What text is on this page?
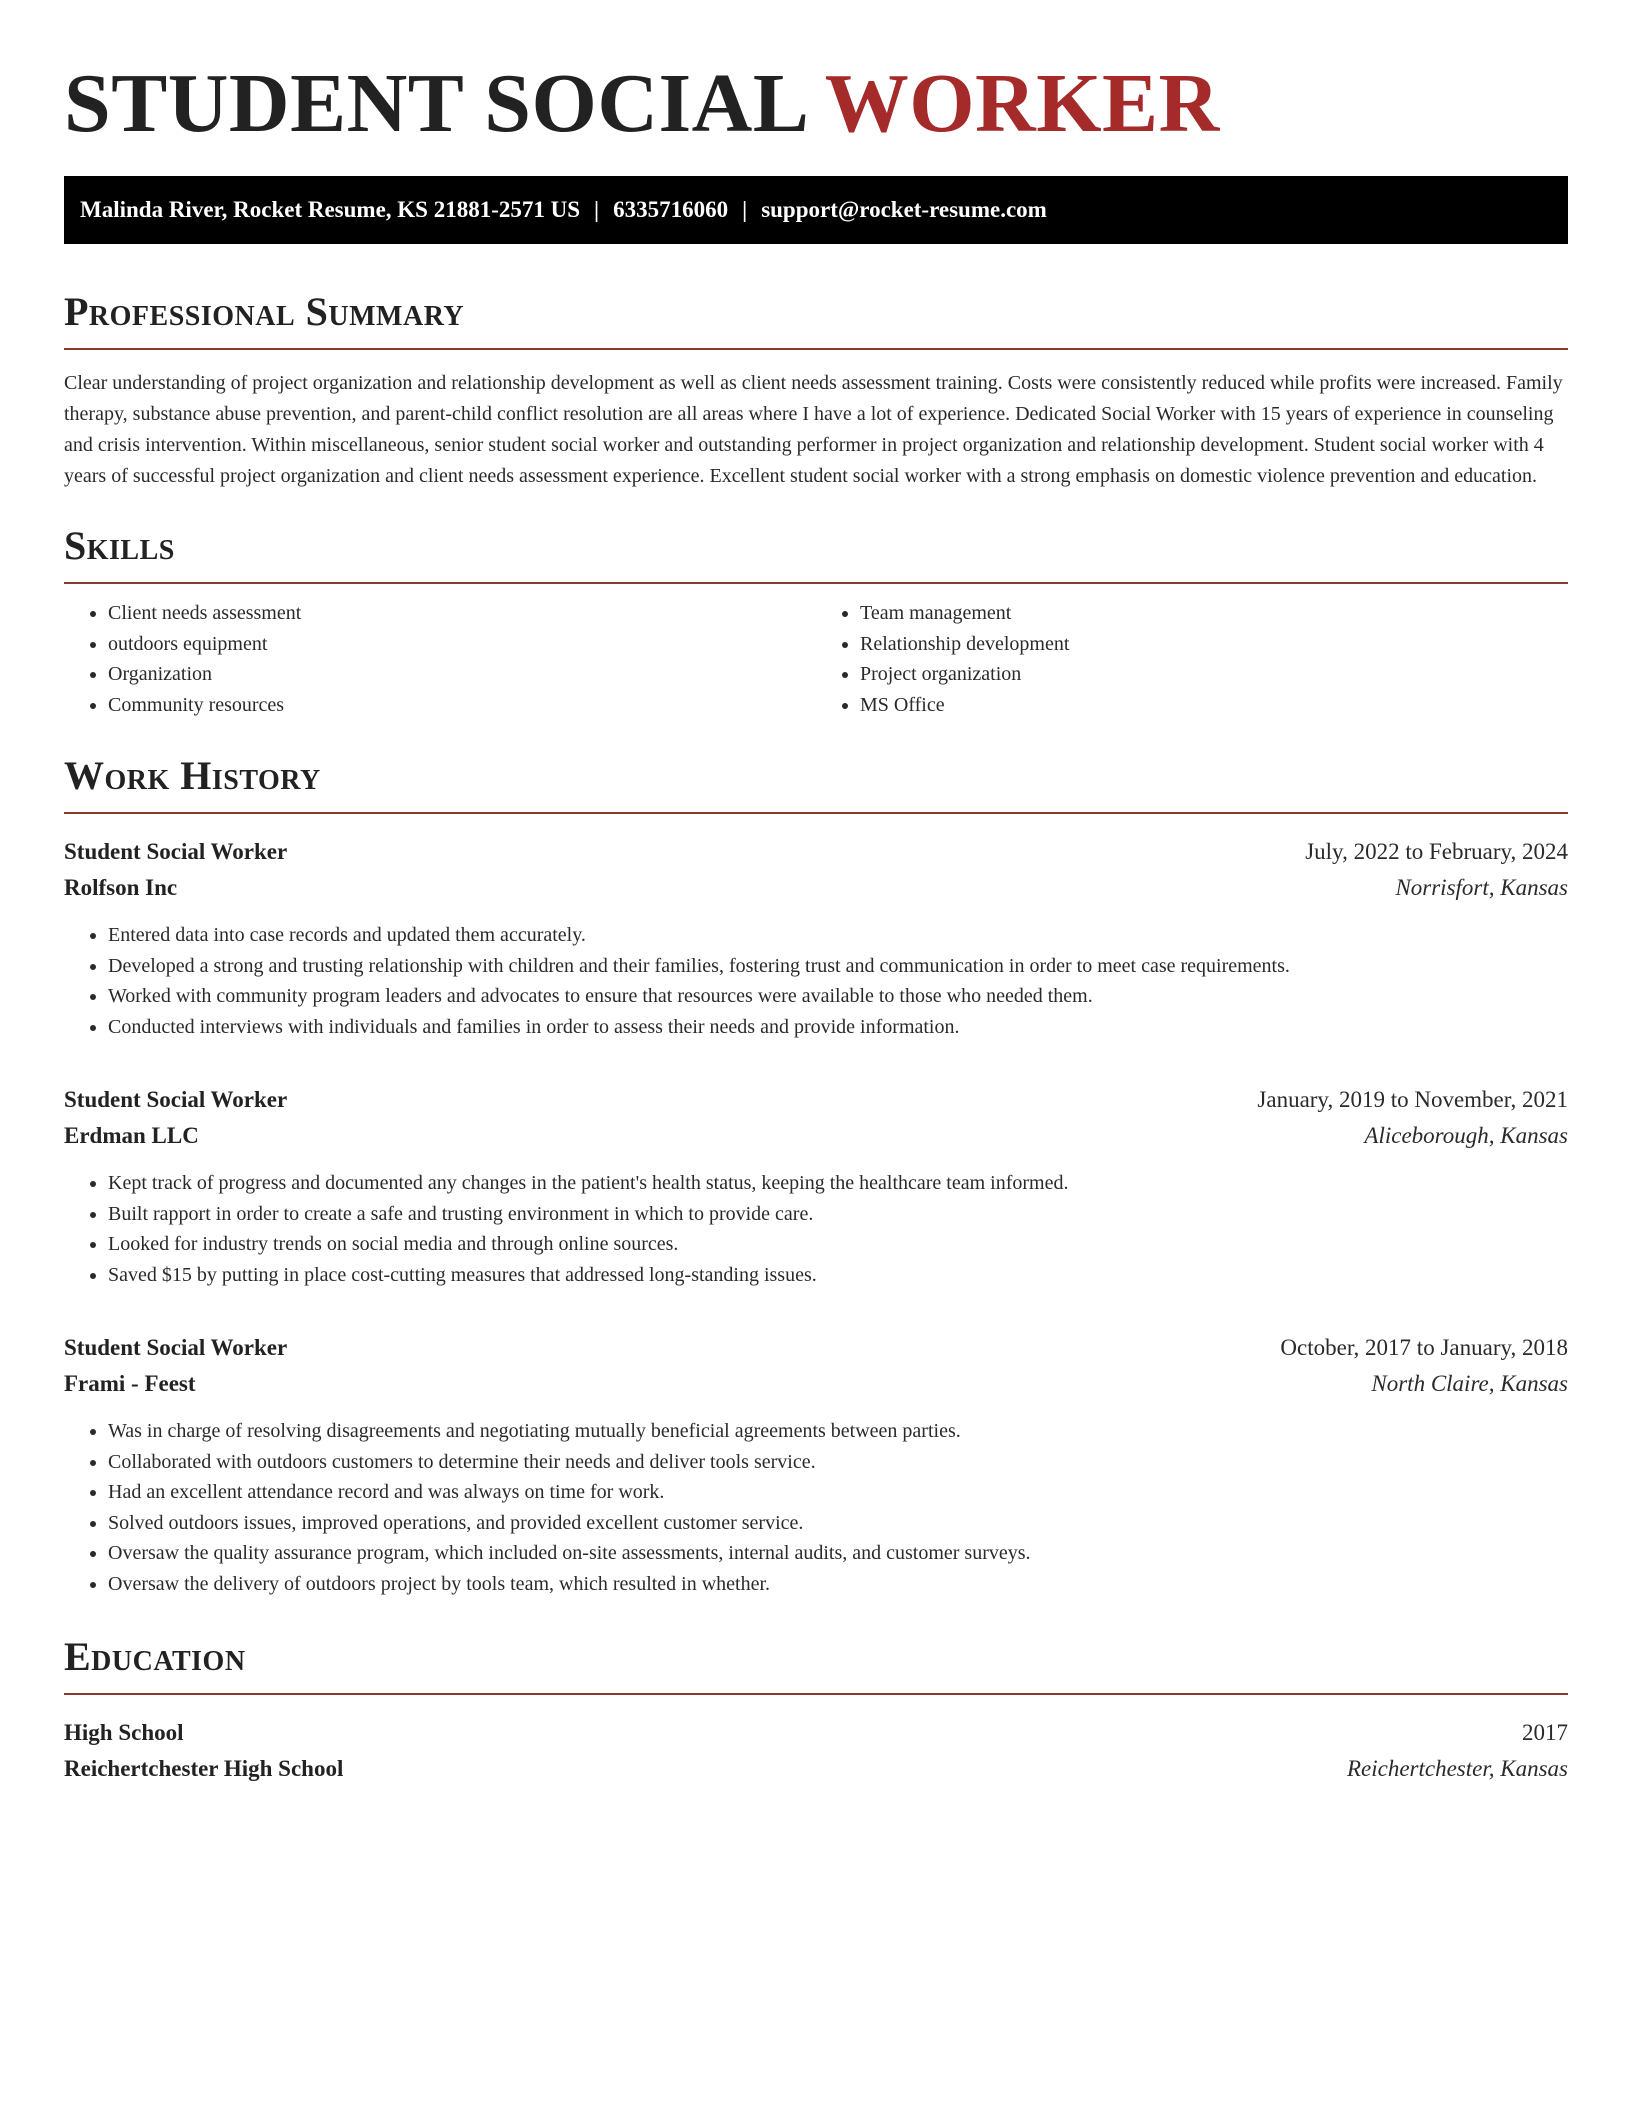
STUDENT SOCIAL WORKER
Malinda River, Rocket Resume, KS 21881-2571 US | 6335716060 | support@rocket-resume.com
Professional Summary

Clear understanding of project organization and relationship development as well as client needs assessment training. Costs were consistently reduced while profits were increased. Family therapy, substance abuse prevention, and parent-child conflict resolution are all areas where I have a lot of experience. Dedicated Social Worker with 15 years of experience in counseling and crisis intervention. Within miscellaneous, senior student social worker and outstanding performer in project organization and relationship development. Student social worker with 4 years of successful project organization and client needs assessment experience. Excellent student social worker with a strong emphasis on domestic violence prevention and education.

Skills
• Client needs assessment
• outdoors equipment
• Organization
• Community resources
• Team management
• Relationship development
• Project organization
• MS Office
Work History
Student Social Worker	July, 2022 to February, 2024
Rolfson Inc	Norrisfort, Kansas
• Entered data into case records and updated them accurately.
• Developed a strong and trusting relationship with children and their families, fostering trust and communication in order to meet case requirements.
• Worked with community program leaders and advocates to ensure that resources were available to those who needed them.
• Conducted interviews with individuals and families in order to assess their needs and provide information.
Student Social Worker	January, 2019 to November, 2021
Erdman LLC	Aliceborough, Kansas
• Kept track of progress and documented any changes in the patient's health status, keeping the healthcare team informed.
• Built rapport in order to create a safe and trusting environment in which to provide care.
• Looked for industry trends on social media and through online sources.
• Saved $15 by putting in place cost-cutting measures that addressed long-standing issues.
Student Social Worker	October, 2017 to January, 2018
Frami - Feest	North Claire, Kansas
• Was in charge of resolving disagreements and negotiating mutually beneficial agreements between parties.
• Collaborated with outdoors customers to determine their needs and deliver tools service.
• Had an excellent attendance record and was always on time for work.
• Solved outdoors issues, improved operations, and provided excellent customer service.
• Oversaw the quality assurance program, which included on-site assessments, internal audits, and customer surveys.
• Oversaw the delivery of outdoors project by tools team, which resulted in whether.
Education
High School	2017
Reichertchester High School	Reichertchester, Kansas
